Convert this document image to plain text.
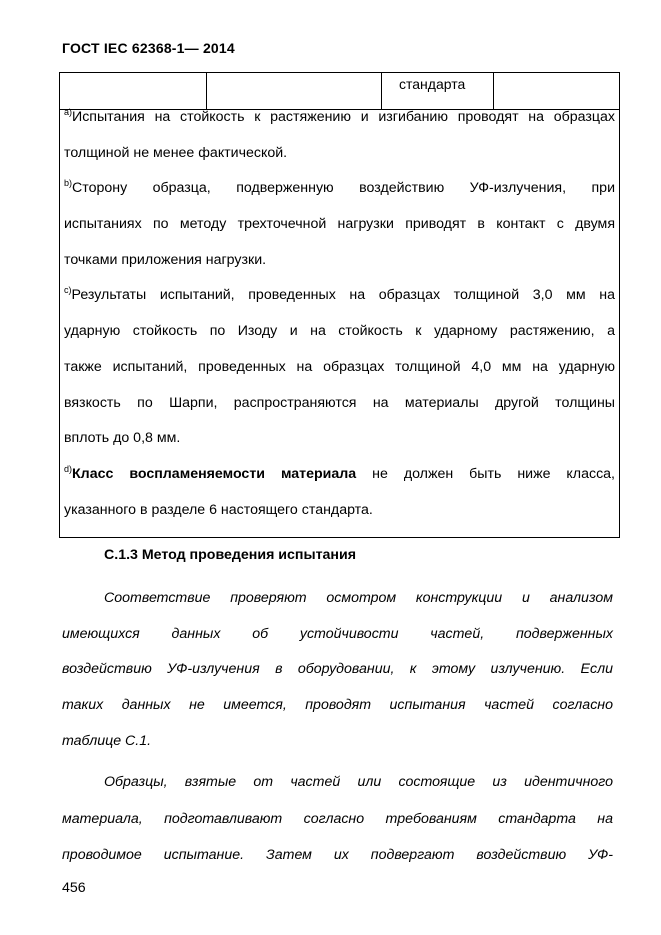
ГОСТ IEC 62368-1— 2014
стандарта
$^{a)}$Испытания на стойкость к растяжению и изгибанию проводят на образцах
толщиной не менее фактической.
$^{b)}$Сторону образца, подверженную воздействию УФ-излучения, при
испытаниях по методу трехточечной нагрузки приводят в контакт с двумя
точками приложения нагрузки.
$^{c)}$Результаты испытаний, проведенных на образцах толщиной 3,0 мм на
ударную стойкость по Изоду и на стойкость к ударному растяжению, а
также испытаний, проведенных на образцах толщиной 4,0 мм на ударную
вязкость по Шарпи, распространяются на материалы другой толщины
вплоть до 0,8 мм.
$^{d)}$Класс воспламеняемости материала не должен быть ниже класса,
указанного в разделе 6 настоящего стандарта.
С.1.3 Метод проведения испытания
Соответствие проверяют осмотром конструкции и анализом
имеющихся данных об устойчивости частей, подверженных
воздействию УФ-излучения в оборудовании, к этому излучению. Если
таких данных не имеется, проводят испытания частей согласно
таблице С.1.
Образцы, взятые от частей или состоящие из идентичного
материала, подготавливают согласно требованиям стандарта на
проводимое испытание. Затем их подвергают воздействию УФ-
456
